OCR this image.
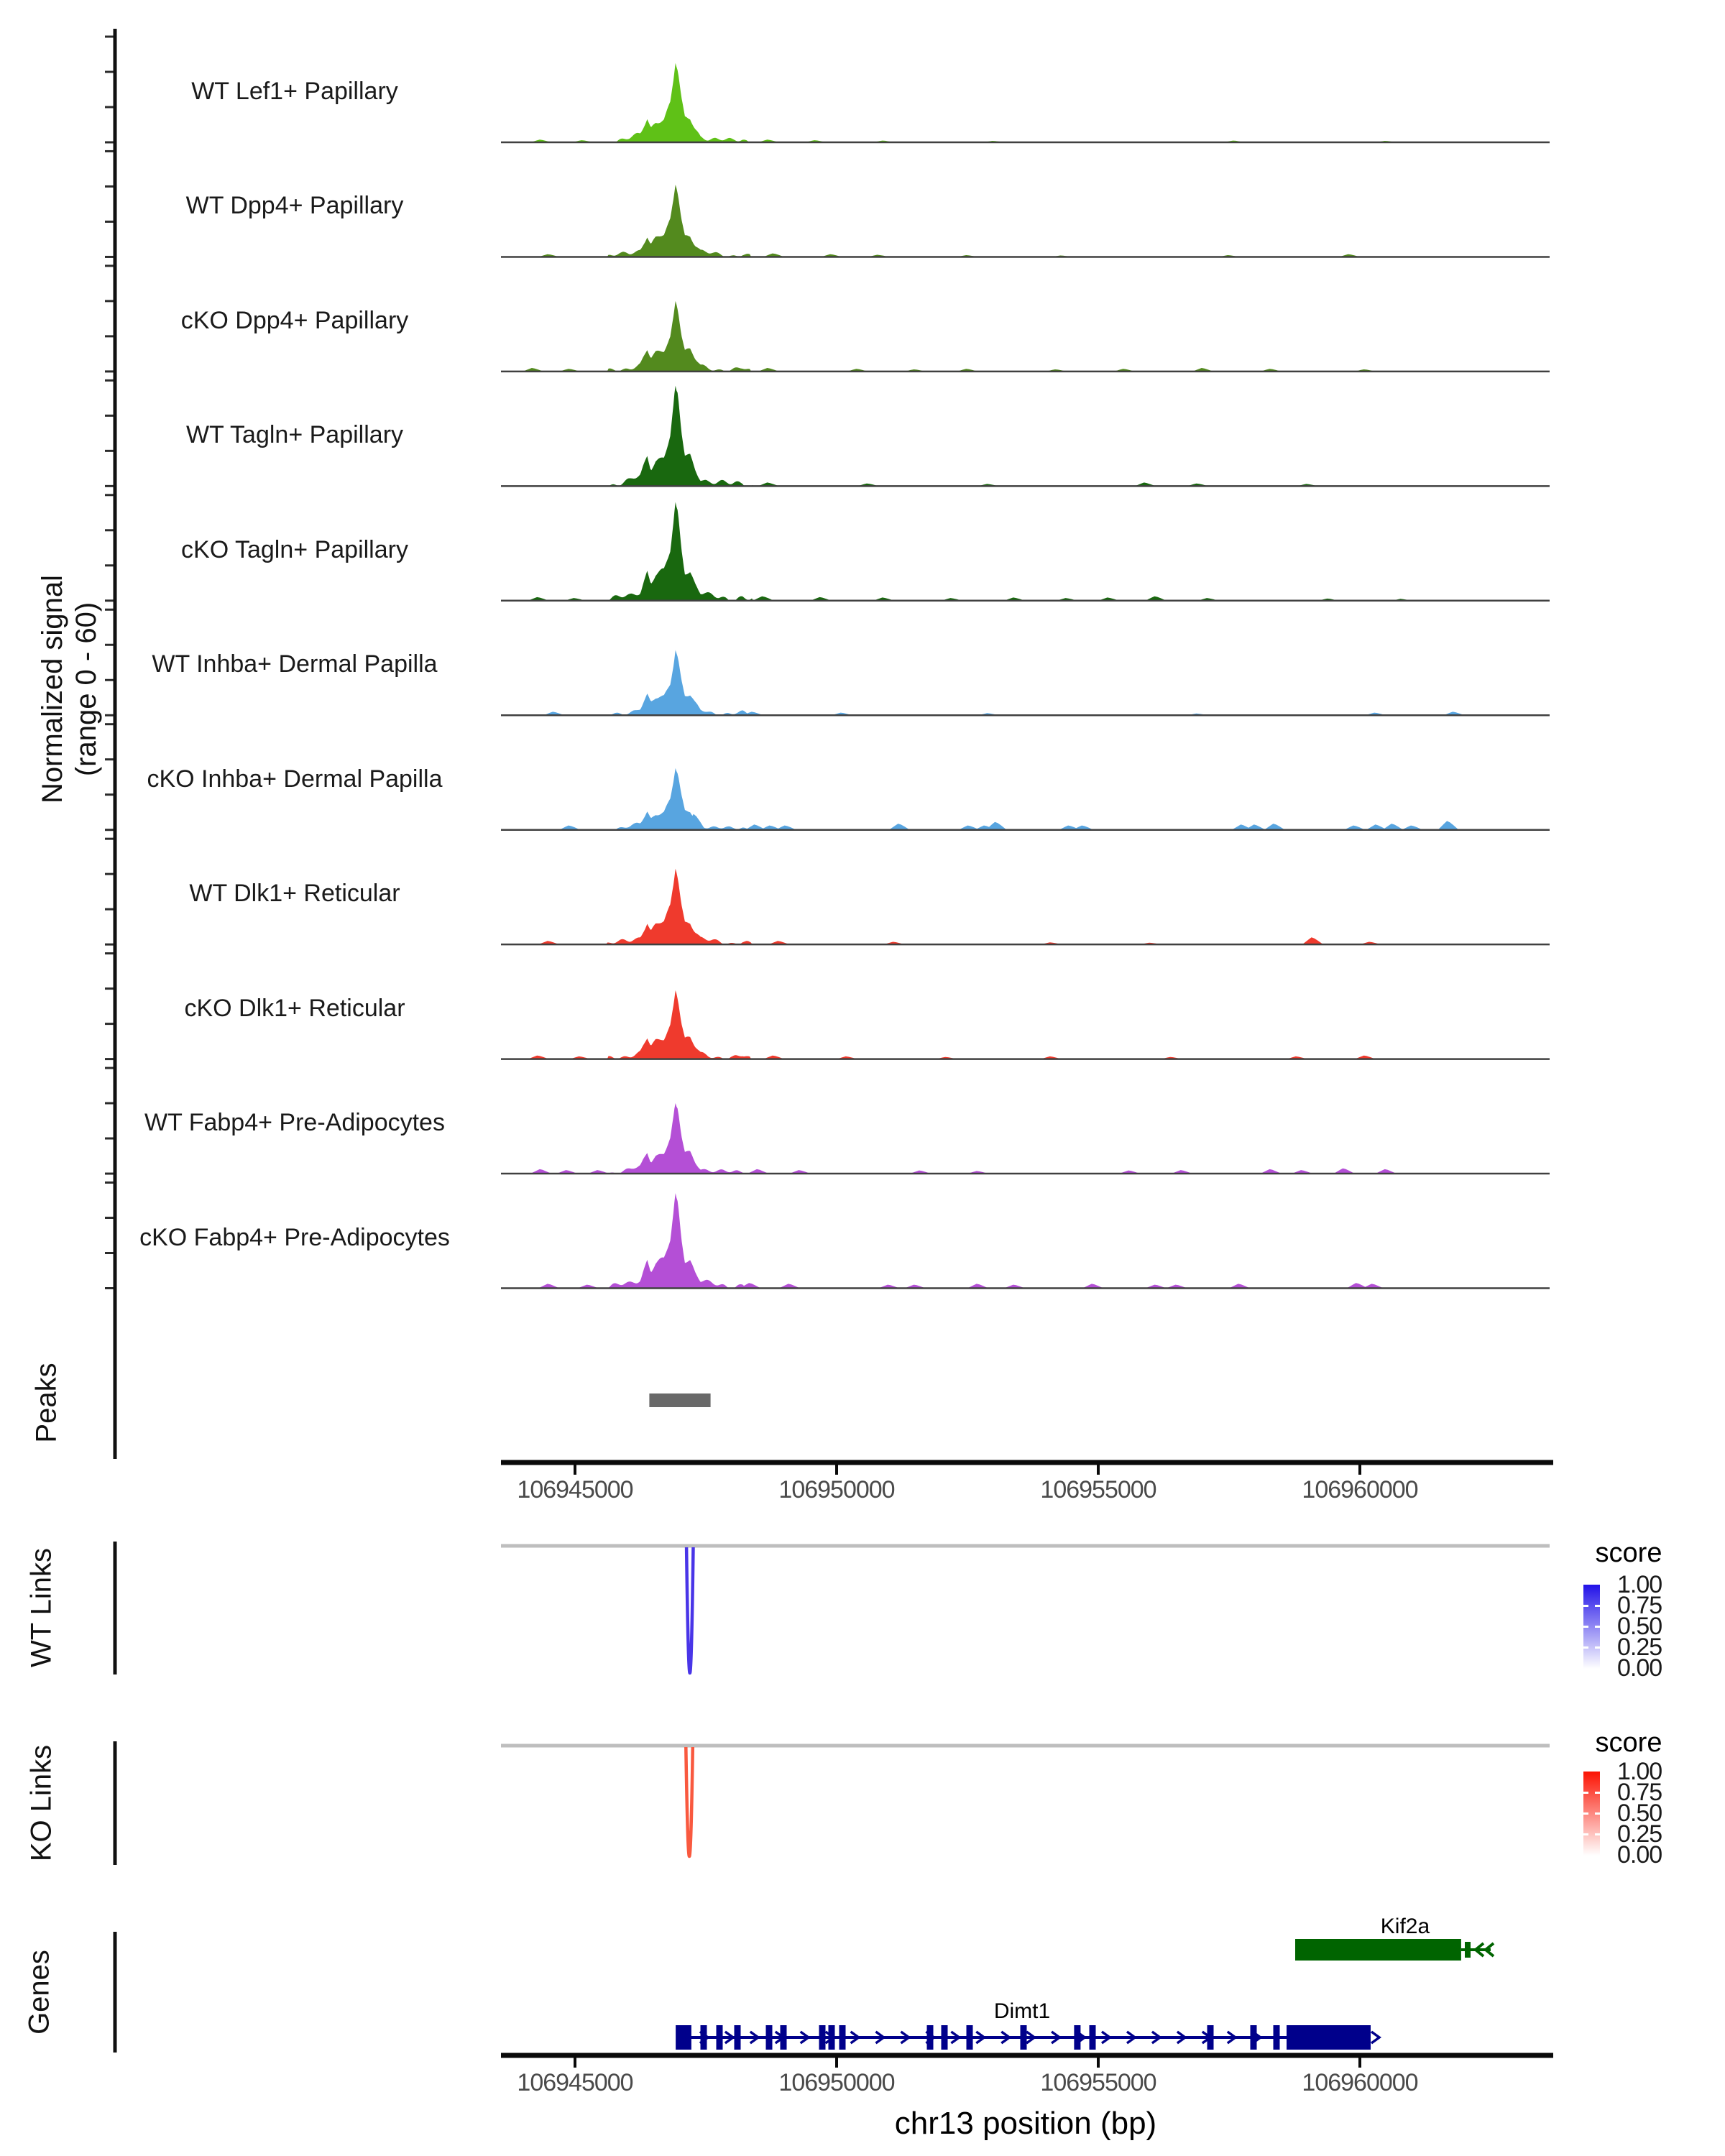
WT Lef1+ Papillary
WT Dpp4+ Papillary
cKO Dpp4+ Papillary
WT Tagln+ Papillary
cKO Tagln+ Papillary
WT Inhba+ Dermal Papilla
cKO Inhba+ Dermal Papilla
WT Dlk1+ Reticular
cKO Dlk1+ Reticular
WT Fabp4+ Pre-Adipocytes
cKO Fabp4+ Pre-Adipocytes
Normalized signal (range 0 - 60)
Peaks
WT Links
KO Links
Genes
106945000	106950000	106955000	106960000
106945000	106950000	106955000	106960000
chr13 position (bp)
Kif2a
Dimt1
score
1.00
0.75
0.50
0.25
0.00
score
1.00
0.75
0.50
0.25
0.00
